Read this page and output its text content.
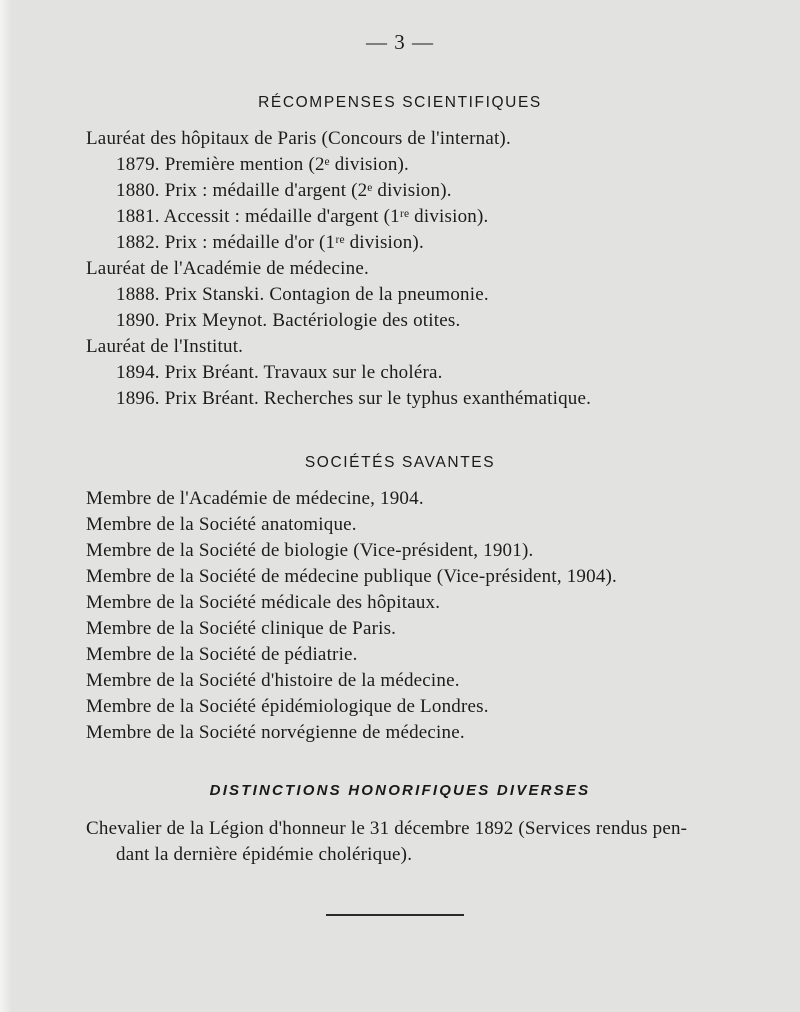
— 3 —
RÉCOMPENSES SCIENTIFIQUES
Lauréat des hôpitaux de Paris (Concours de l'internat).
1879. Première mention (2ᵉ division).
1880. Prix : médaille d'argent (2ᵉ division).
1881. Accessit : médaille d'argent (1ʳᵉ division).
1882. Prix : médaille d'or (1ʳᵉ division).
Lauréat de l'Académie de médecine.
1888. Prix Stanski. Contagion de la pneumonie.
1890. Prix Meynot. Bactériologie des otites.
Lauréat de l'Institut.
1894. Prix Bréant. Travaux sur le choléra.
1896. Prix Bréant. Recherches sur le typhus exanthématique.
SOCIÉTÉS SAVANTES
Membre de l'Académie de médecine, 1904.
Membre de la Société anatomique.
Membre de la Société de biologie (Vice-président, 1901).
Membre de la Société de médecine publique (Vice-président, 1904).
Membre de la Société médicale des hôpitaux.
Membre de la Société clinique de Paris.
Membre de la Société de pédiatrie.
Membre de la Société d'histoire de la médecine.
Membre de la Société épidémiologique de Londres.
Membre de la Société norvégienne de médecine.
DISTINCTIONS HONORIFIQUES DIVERSES
Chevalier de la Légion d'honneur le 31 décembre 1892 (Services rendus pen-
dant la dernière épidémie cholérique).
